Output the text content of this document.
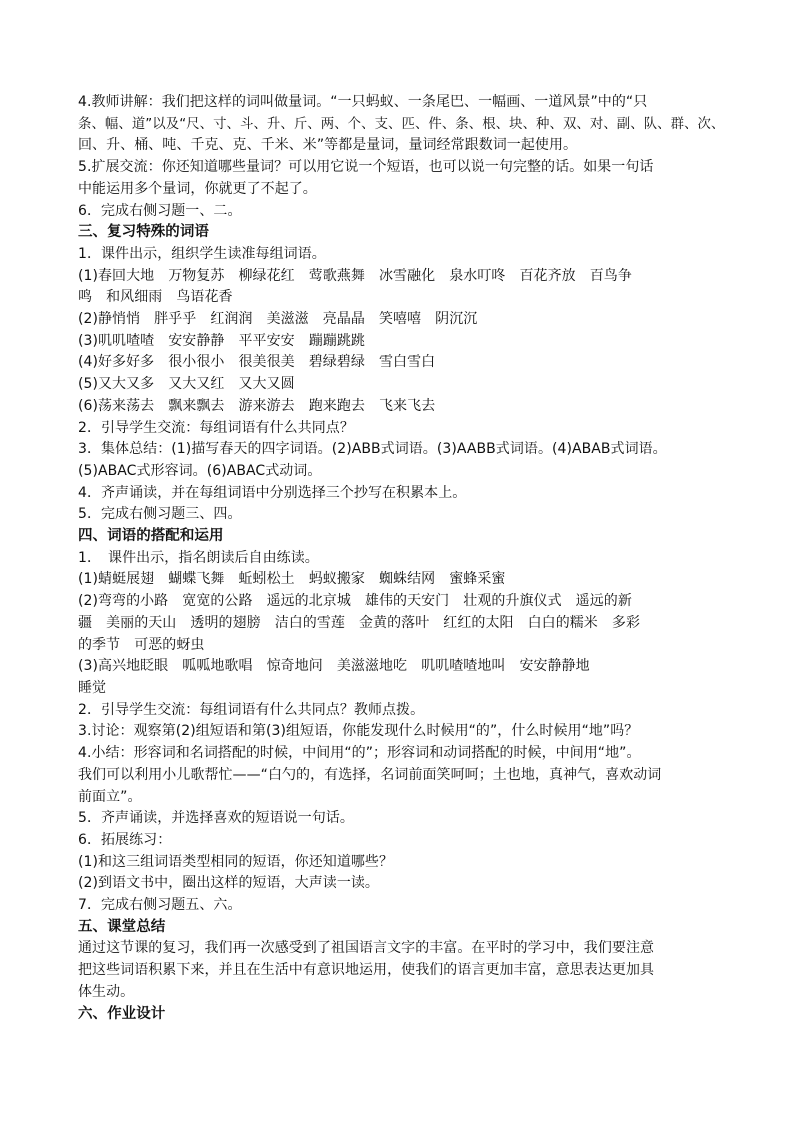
4.教师讲解：我们把这样的词叫做量词。“一只蚂蚁、一条尾巴、一幅画、一道风景”中的“只
条、幅、道”以及“尺、寸、斗、升、斤、两、个、支、匹、件、条、根、块、种、双、对、副、队、群、次、
回、升、桶、吨、千克、克、千米、米”等都是量词，量词经常跟数词一起使用。
5.扩展交流：你还知道哪些量词？可以用它说一个短语，也可以说一句完整的话。如果一句话
中能运用多个量词，你就更了不起了。
6．完成右侧习题一、二。
三、复习特殊的词语
1．课件出示，组织学生读准每组词语。
(1)春回大地　万物复苏　柳绿花红　莺歌燕舞　冰雪融化　泉水叮咚　百花齐放　百鸟争
鸣　和风细雨　鸟语花香
(2)静悄悄　胖乎乎　红润润　美滋滋　亮晶晶　笑嘻嘻　阴沉沉
(3)叽叽喳喳　安安静静　平平安安　蹦蹦跳跳
(4)好多好多　很小很小　很美很美　碧绿碧绿　雪白雪白
(5)又大又多　又大又红　又大又圆
(6)荡来荡去　飘来飘去　游来游去　跑来跑去　飞来飞去
2．引导学生交流：每组词语有什么共同点？
3．集体总结：(1)描写春天的四字词语。(2)ABB式词语。(3)AABB式词语。(4)ABAB式词语。
(5)ABAC式形容词。(6)ABAC式动词。
4．齐声诵读，并在每组词语中分别选择三个抄写在积累本上。
5．完成右侧习题三、四。
四、词语的搭配和运用
1．　课件出示，指名朗读后自由练读。
(1)蜻蜓展翅　蝴蝶飞舞　蚯蚓松土　蚂蚁搬家　蜘蛛结网　蜜蜂采蜜
(2)弯弯的小路　宽宽的公路　遥远的北京城　雄伟的天安门　壮观的升旗仪式　遥远的新
疆　美丽的天山　透明的翅膀　洁白的雪莲　金黄的落叶　红红的太阳　白白的糯米　多彩
的季节　可恶的蚜虫
(3)高兴地眨眼　呱呱地歌唱　惊奇地问　美滋滋地吃　叽叽喳喳地叫　安安静静地
睡觉
2．引导学生交流：每组词语有什么共同点？教师点拨。
3.讨论：观察第(2)组短语和第(3)组短语，你能发现什么时候用“的”，什么时候用“地”吗？
4.小结：形容词和名词搭配的时候，中间用“的”；形容词和动词搭配的时候，中间用“地”。
我们可以利用小儿歌帮忙——“白勺的，有选择，名词前面笑呵呵；土也地，真神气，喜欢动词
前面立”。
5．齐声诵读，并选择喜欢的短语说一句话。
6．拓展练习：
(1)和这三组词语类型相同的短语，你还知道哪些？
(2)到语文书中，圈出这样的短语，大声读一读。
7．完成右侧习题五、六。
五、课堂总结
通过这节课的复习，我们再一次感受到了祖国语言文字的丰富。在平时的学习中，我们要注意
把这些词语积累下来，并且在生活中有意识地运用，使我们的语言更加丰富，意思表达更加具
体生动。
六、作业设计
